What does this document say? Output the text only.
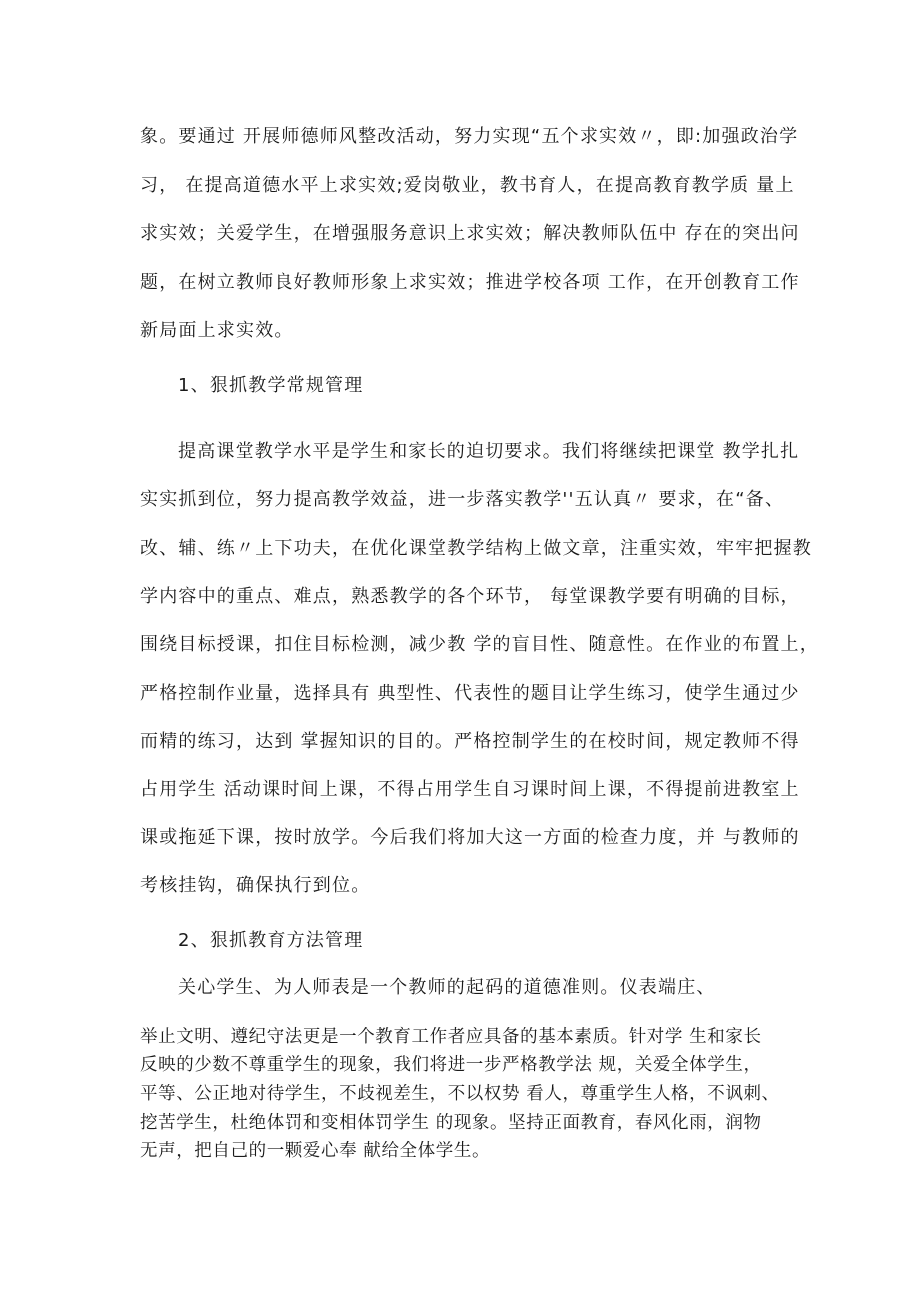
象。要通过 开展师德师风整改活动，努力实现“五个求实效〃，即:加强政治学
习， 在提高道德水平上求实效;爱岗敬业，教书育人，在提高教育教学质 量上
求实效；关爱学生，在增强服务意识上求实效；解决教师队伍中 存在的突出问
题，在树立教师良好教师形象上求实效；推进学校各项 工作，在开创教育工作
新局面上求实效。
1、狠抓教学常规管理
提高课堂教学水平是学生和家长的迫切要求。我们将继续把课堂 教学扎扎
实实抓到位，努力提高教学效益，进一步落实教学''五认真〃 要求，在“备、
改、辅、练〃上下功夫，在优化课堂教学结构上做文章，注重实效，牢牢把握教
学内容中的重点、难点，熟悉教学的各个环节， 每堂课教学要有明确的目标，
围绕目标授课，扣住目标检测，减少教 学的盲目性、随意性。在作业的布置上，
严格控制作业量，选择具有 典型性、代表性的题目让学生练习，使学生通过少
而精的练习，达到 掌握知识的目的。严格控制学生的在校时间，规定教师不得
占用学生 活动课时间上课，不得占用学生自习课时间上课，不得提前进教室上
课或拖延下课，按时放学。今后我们将加大这一方面的检查力度，并 与教师的
考核挂钩，确保执行到位。
2、狠抓教育方法管理
关心学生、为人师表是一个教师的起码的道德准则。仪表端庄、
举止文明、遵纪守法更是一个教育工作者应具备的基本素质。针对学 生和家长
反映的少数不尊重学生的现象，我们将进一步严格教学法 规，关爱全体学生，
平等、公正地对待学生，不歧视差生，不以权势 看人，尊重学生人格，不讽刺、
挖苦学生，杜绝体罚和变相体罚学生 的现象。坚持正面教育，春风化雨，润物
无声，把自己的一颗爱心奉 献给全体学生。
